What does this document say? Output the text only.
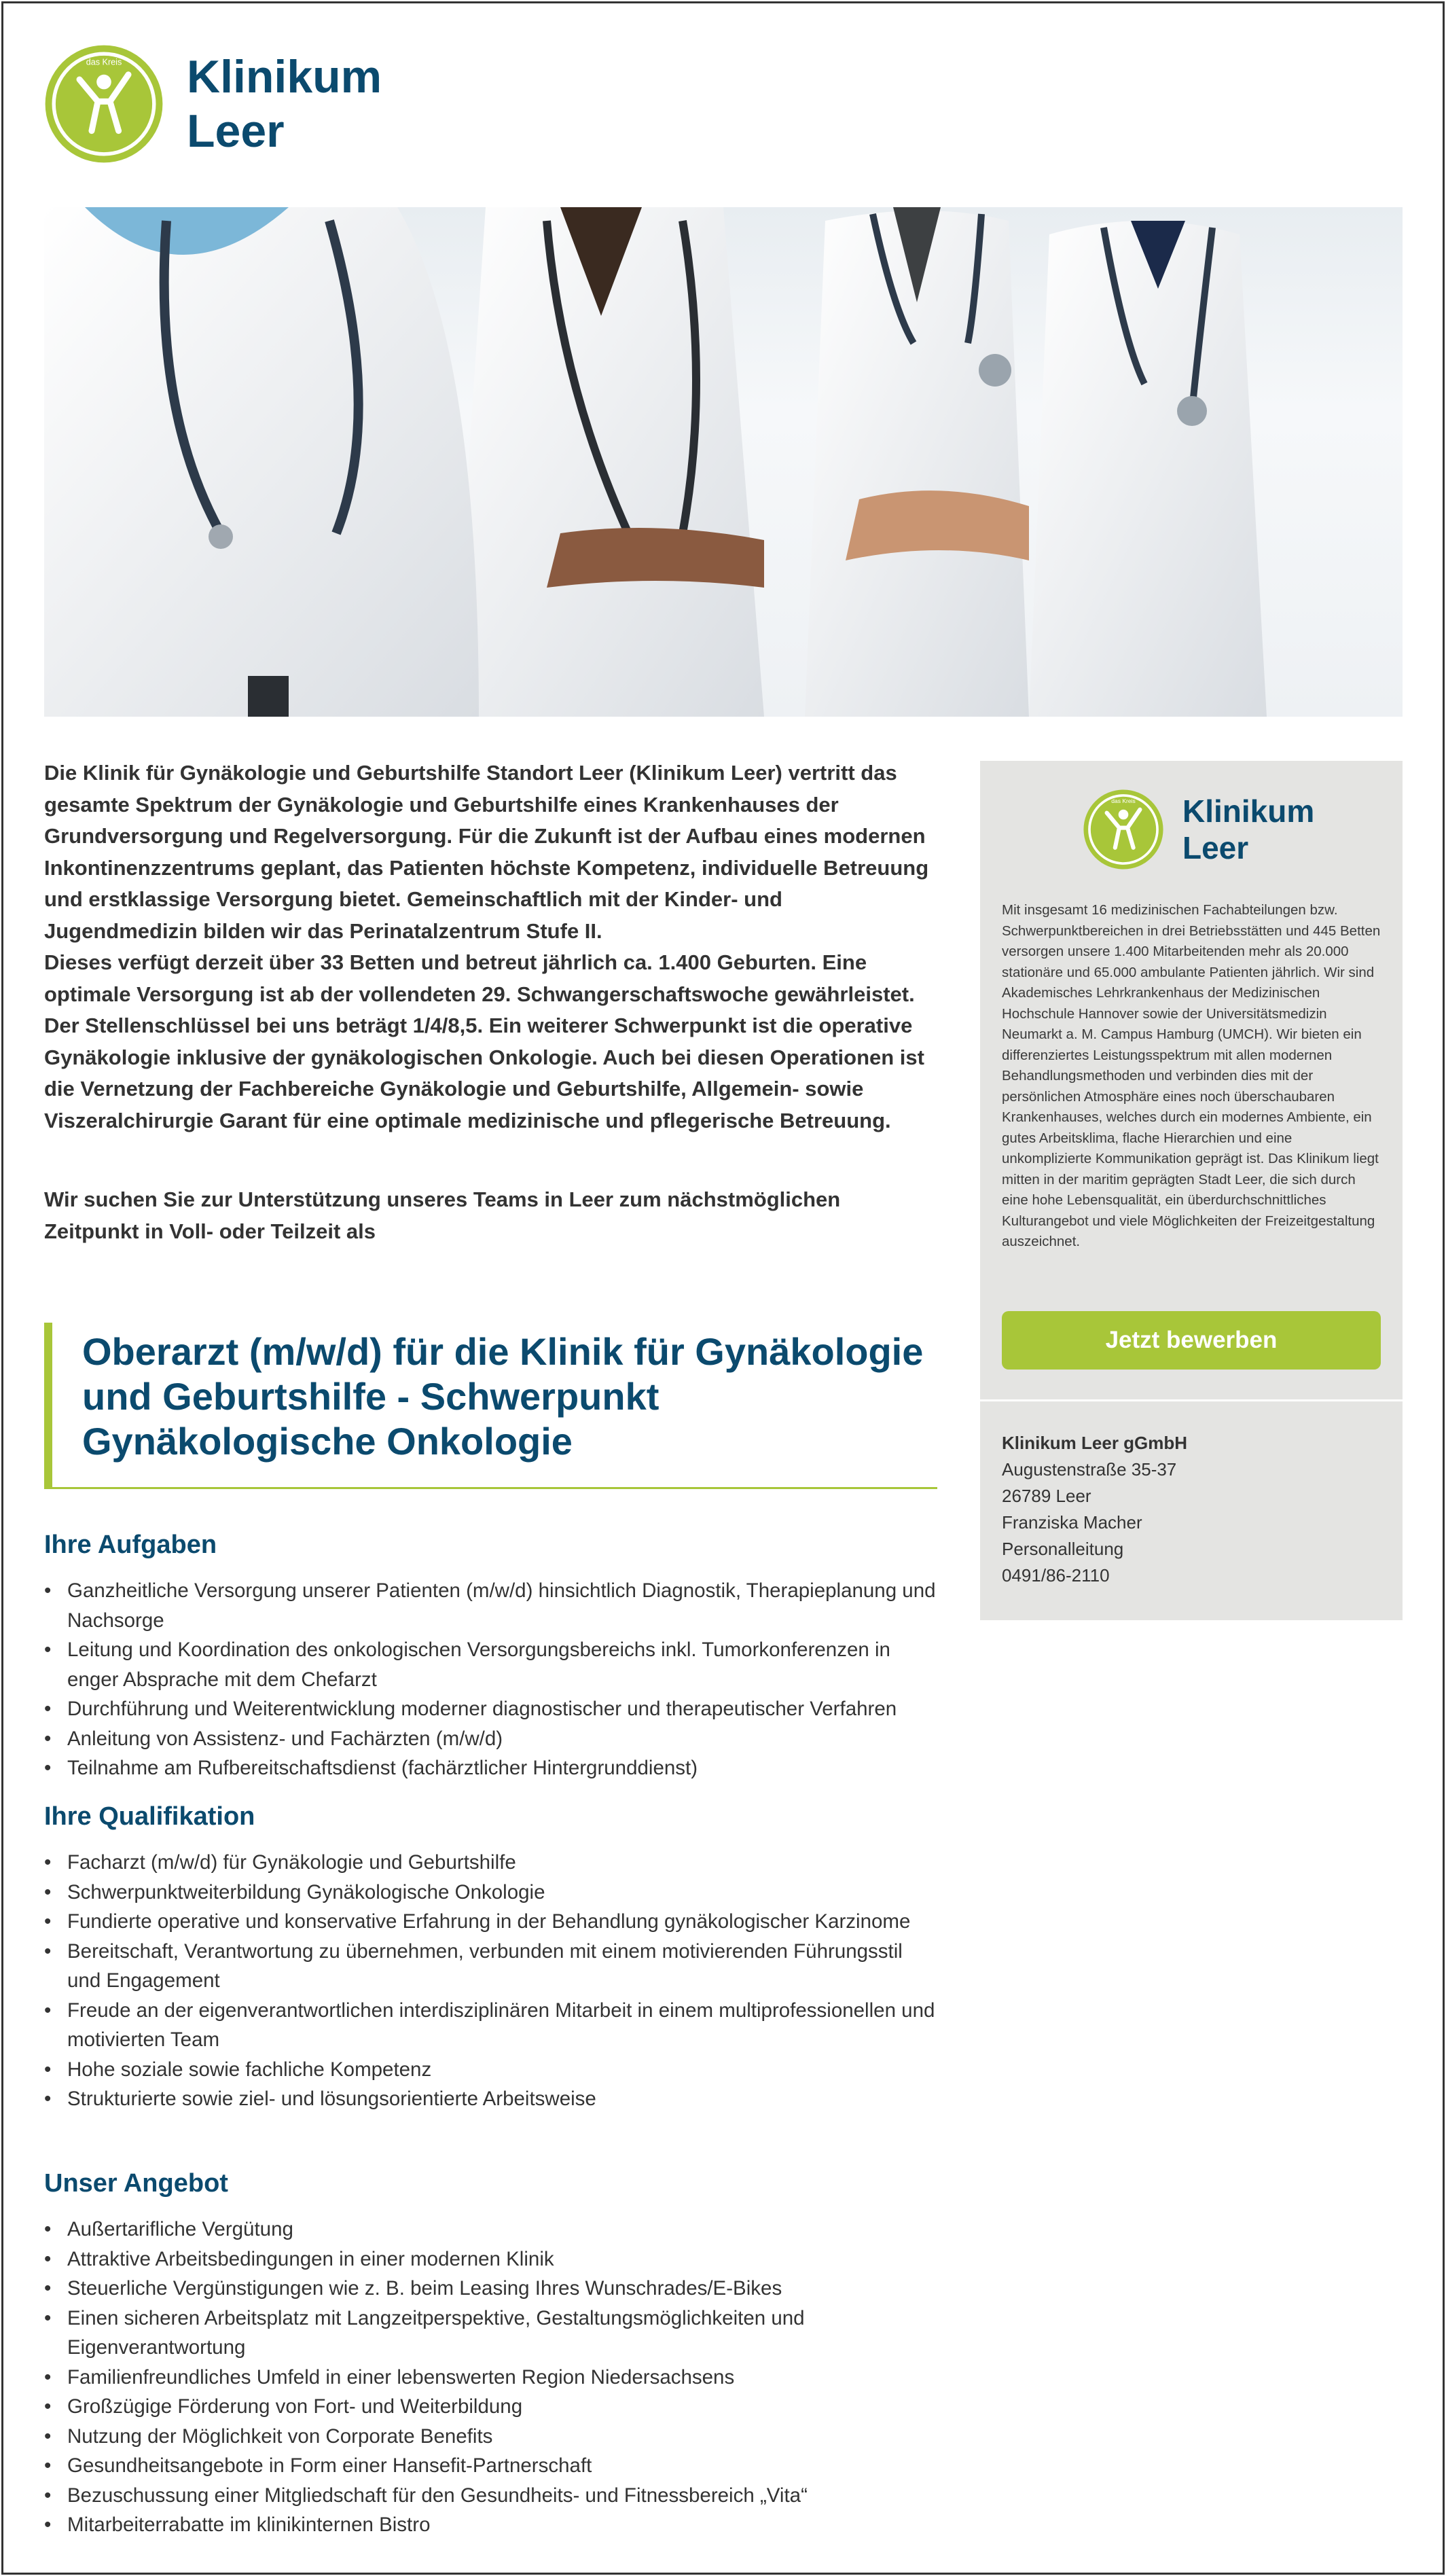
das Kreis Klinikum
Leer

Die Klinik für Gynäkologie und Geburtshilfe Standort Leer (Klinikum Leer) vertritt das gesamte Spektrum der Gynäkologie und Geburtshilfe eines Krankenhauses der Grundversorgung und Regelversorgung. Für die Zukunft ist der Aufbau eines modernen Inkontinenzzentrums geplant, das Patienten höchste Kompetenz, individuelle Betreuung und erstklassige Versorgung bietet. Gemeinschaftlich mit der Kinder- und Jugendmedizin bilden wir das Perinatalzentrum Stufe II.

Dieses verfügt derzeit über 33 Betten und betreut jährlich ca. 1.400 Geburten. Eine optimale Versorgung ist ab der vollendeten 29. Schwangerschaftswoche gewährleistet. Der Stellenschlüssel bei uns beträgt 1/4/8,5. Ein weiterer Schwerpunkt ist die operative Gynäkologie inklusive der gynäkologischen Onkologie. Auch bei diesen Operationen ist die Vernetzung der Fachbereiche Gynäkologie und Geburtshilfe, Allgemein- sowie Viszeralchirurgie Garant für eine optimale medizinische und pflegerische Betreuung.

Wir suchen Sie zur Unterstützung unseres Teams in Leer zum nächstmöglichen Zeitpunkt in Voll- oder Teilzeit als
Oberarzt (m/w/d) für die Klinik für Gynäkologie und Geburtshilfe - Schwerpunkt Gynäkologische Onkologie
Ihre Aufgaben
• Ganzheitliche Versorgung unserer Patienten (m/w/d) hinsichtlich Diagnostik, Therapieplanung und Nachsorge
• Leitung und Koordination des onkologischen Versorgungsbereichs inkl. Tumorkonferenzen in enger Absprache mit dem Chefarzt
• Durchführung und Weiterentwicklung moderner diagnostischer und therapeutischer Verfahren
• Anleitung von Assistenz- und Fachärzten (m/w/d)
• Teilnahme am Rufbereitschaftsdienst (fachärztlicher Hintergrunddienst)
Ihre Qualifikation
• Facharzt (m/w/d) für Gynäkologie und Geburtshilfe
• Schwerpunktweiterbildung Gynäkologische Onkologie
• Fundierte operative und konservative Erfahrung in der Behandlung gynäkologischer Karzinome
• Bereitschaft, Verantwortung zu übernehmen, verbunden mit einem motivierenden Führungsstil und Engagement
• Freude an der eigenverantwortlichen interdisziplinären Mitarbeit in einem multiprofessionellen und motivierten Team
• Hohe soziale sowie fachliche Kompetenz
• Strukturierte sowie ziel- und lösungsorientierte Arbeitsweise
Unser Angebot
• Außertarifliche Vergütung
• Attraktive Arbeitsbedingungen in einer modernen Klinik
• Steuerliche Vergünstigungen wie z. B. beim Leasing Ihres Wunschrades/E-Bikes
• Einen sicheren Arbeitsplatz mit Langzeitperspektive, Gestaltungsmöglichkeiten und Eigenverantwortung
• Familienfreundliches Umfeld in einer lebenswerten Region Niedersachsens
• Großzügige Förderung von Fort- und Weiterbildung
• Nutzung der Möglichkeit von Corporate Benefits
• Gesundheitsangebote in Form einer Hansefit-Partnerschaft
• Bezuschussung einer Mitgliedschaft für den Gesundheits- und Fitnessbereich „Vita“
• Mitarbeiterrabatte im klinikinternen Bistro
das Kreis Klinikum
Leer
Mit insgesamt 16 medizinischen Fachabteilungen bzw. Schwerpunktbereichen in drei Betriebsstätten und 445 Betten versorgen unsere 1.400 Mitarbeitenden mehr als 20.000 stationäre und 65.000 ambulante Patienten jährlich. Wir sind Akademisches Lehrkrankenhaus der Medizinischen Hochschule Hannover sowie der Universitätsmedizin Neumarkt a. M. Campus Hamburg (UMCH). Wir bieten ein differenziertes Leistungsspektrum mit allen modernen Behandlungsmethoden und verbinden dies mit der persönlichen Atmosphäre eines noch überschaubaren Krankenhauses, welches durch ein modernes Ambiente, ein gutes Arbeitsklima, flache Hierarchien und eine unkomplizierte Kommunikation geprägt ist. Das Klinikum liegt mitten in der maritim geprägten Stadt Leer, die sich durch eine hohe Lebensqualität, ein überdurchschnittliches Kulturangebot und viele Möglichkeiten der Freizeitgestaltung auszeichnet.
Jetzt bewerben
Klinikum Leer gGmbH
Augustenstraße 35-37
26789 Leer
Franziska Macher
Personalleitung
0491/86-2110
